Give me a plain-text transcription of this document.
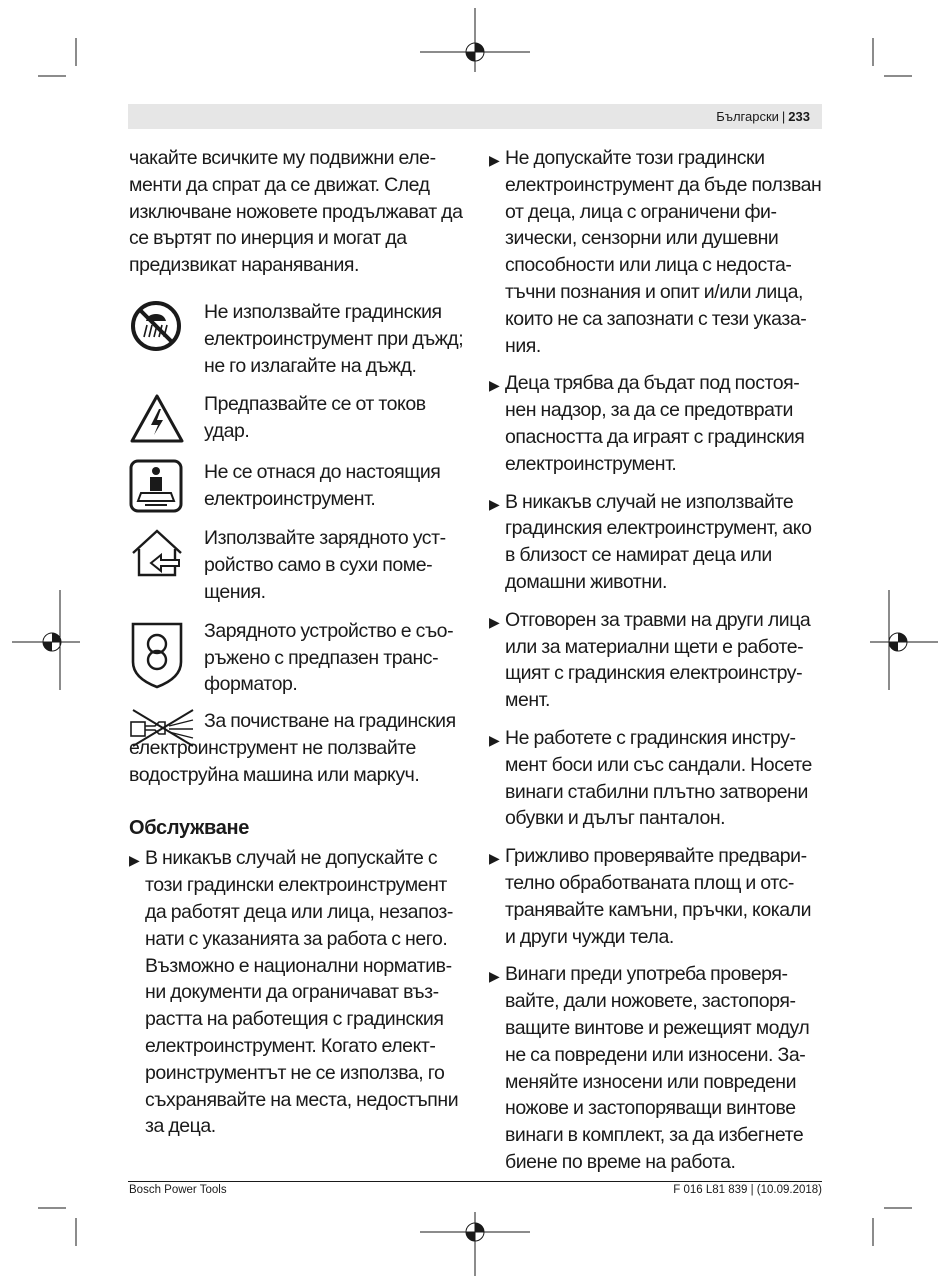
Български | 233

чакайте всичките му подвижни елементи да спрат да се движат. След изключване ножовете продължават да се въртят по инерция и могат да предизвикат наранявания.

Не използвайте градинския електроинструмент при дъжд; не го излагайте на дъжд.
Предпазвайте се от токов удар.
Не се отнася до настоящия електроинструмент.
Използвайте зарядното устройство само в сухи помещения.
Зарядното устройство е съоръжено с предпазен трансформатор.
За почистване на градинския електроинструмент не ползвайте водоструйна машина или маркуч.
Обслужване
▶ В никакъв случай не допускайте с този градински електроинструмент да работят деца или лица, незапознати с указанията за работа с него. Възможно е национални нормативни документи да ограничават възрастта на работещия с градинския електроинструмент. Когато електроинструментът не се използва, го съхранявайте на места, недостъпни за деца.
▶ Не допускайте този градински електроинструмент да бъде ползван от деца, лица с ограничени физически, сензорни или душевни способности или лица с недостатъчни познания и опит и/или лица, които не са запознати с тези указания.
▶ Деца трябва да бъдат под постоянен надзор, за да се предотврати опасността да играят с градинския електроинструмент.
▶ В никакъв случай не използвайте градинския електроинструмент, ако в близост се намират деца или домашни животни.
▶ Отговорен за травми на други лица или за материални щети е работещият с градинския електроинструмент.
▶ Не работете с градинския инструмент боси или със сандали. Носете винаги стабилни плътно затворени обувки и дълъг панталон.
▶ Грижливо проверявайте предварително обработваната площ и отстранявайте камъни, пръчки, кокали и други чужди тела.
▶ Винаги преди употреба проверявайте, дали ножовете, застопоряващите винтове и режещият модул не са повредени или износени. Заменяйте износени или повредени ножове и застопоряващи винтове винаги в комплект, за да избегнете биене по време на работа.
Bosch Power Tools	F 016 L81 839 | (10.09.2018)
